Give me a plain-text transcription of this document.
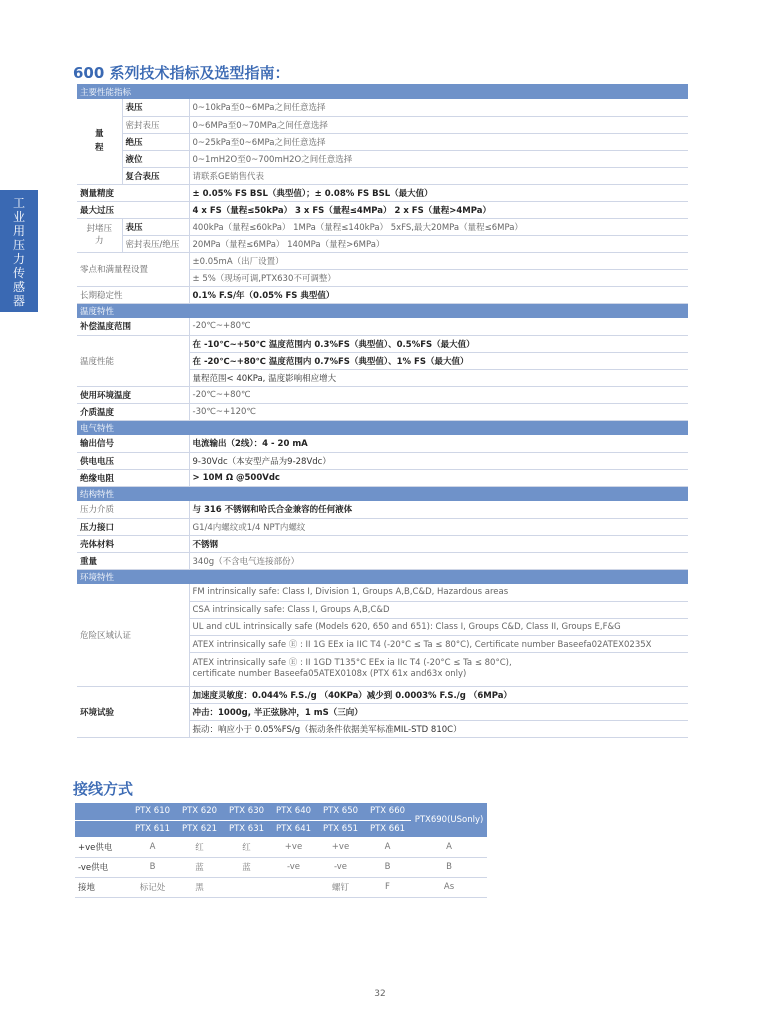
工业用压力传感器
600 系列技术指标及选型指南：
主要性能指标		
量程	表压	0~10kPa至0~6MPa之间任意选择
	密封表压	0~6MPa至0~70MPa之间任意选择
	绝压	0~25kPa至0~6MPa之间任意选择
	液位	0~1mH2O至0~700mH2O之间任意选择
	复合表压	请联系GE销售代表
测量精度		± 0.05% FS BSL（典型值）；± 0.08% FS BSL（最大值）
最大过压		4 x FS（量程≤50kPa） 3 x FS（量程≤4MPa） 2 x FS（量程>4MPa）
封堵压力	表压	400kPa（量程≤60kPa） 1MPa（量程≤140kPa） 5xFS,最大20MPa（量程≤6MPa）
	密封表压/绝压	20MPa（量程≤6MPa） 140MPa（量程>6MPa）
零点和满量程设置		±0.05mA（出厂设置）
		± 5%（现场可调,PTX630不可调整）
长期稳定性		0.1% F.S/年（0.05% FS 典型值）
温度特性		
补偿温度范围		-20℃~+80℃
温度性能		在 -10℃~+50℃ 温度范围内 0.3%FS（典型值）、0.5%FS（最大值）
		在 -20℃~+80℃ 温度范围内 0.7%FS（典型值）、1% FS（最大值）
		量程范围< 40KPa, 温度影响相应增大
使用环境温度		-20℃~+80℃
介质温度		-30℃~+120℃
电气特性		
输出信号		电流输出（2线）：4 - 20 mA
供电电压		9-30Vdc（本安型产品为9-28Vdc）
绝缘电阻		> 10M Ω @500Vdc
结构特性		
压力介质		与 316 不锈钢和哈氏合金兼容的任何液体
压力接口		G1/4内螺纹或1/4 NPT内螺纹
壳体材料		不锈钢
重量		340g（不含电气连接部份）
环境特性		
危险区域认证		FM intrinsically safe: Class I, Division 1, Groups A,B,C&D, Hazardous areas
		CSA intrinsically safe: Class I, Groups A,B,C&D
		UL and cUL intrinsically safe (Models 620, 650 and 651): Class I, Groups C&D, Class II, Groups E,F&G
		ATEX intrinsically safe Ⓔ : II 1G EEx ia IIC T4 (-20°C ≤ Ta ≤ 80°C), Certificate number Baseefa02ATEX0235X
		ATEX intrinsically safe Ⓔ : II 1GD T135°C EEx ia IIc T4 (-20°C ≤ Ta ≤ 80°C),
certificate number Baseefa05ATEX0108x (PTX 61x and63x only)
环境试验		加速度灵敏度：0.044% F.S./g （40KPa）减少到 0.0003% F.S./g （6MPa）
		冲击：1000g, 半正弦脉冲，1 mS（三向）
		振动：响应小于 0.05%FS/g（振动条件依据美军标准MIL-STD 810C）
接线方式
	PTX 610	PTX 620	PTX 630	PTX 640	PTX 650	PTX 660	PTX690(USonly)
	PTX 611	PTX 621	PTX 631	PTX 641	PTX 651	PTX 661	
+ve供电	A	红	红	+ve	+ve	A	A
-ve供电	B	蓝	蓝	-ve	-ve	B	B
接地	标记处	黑			螺钉	F	As
32
